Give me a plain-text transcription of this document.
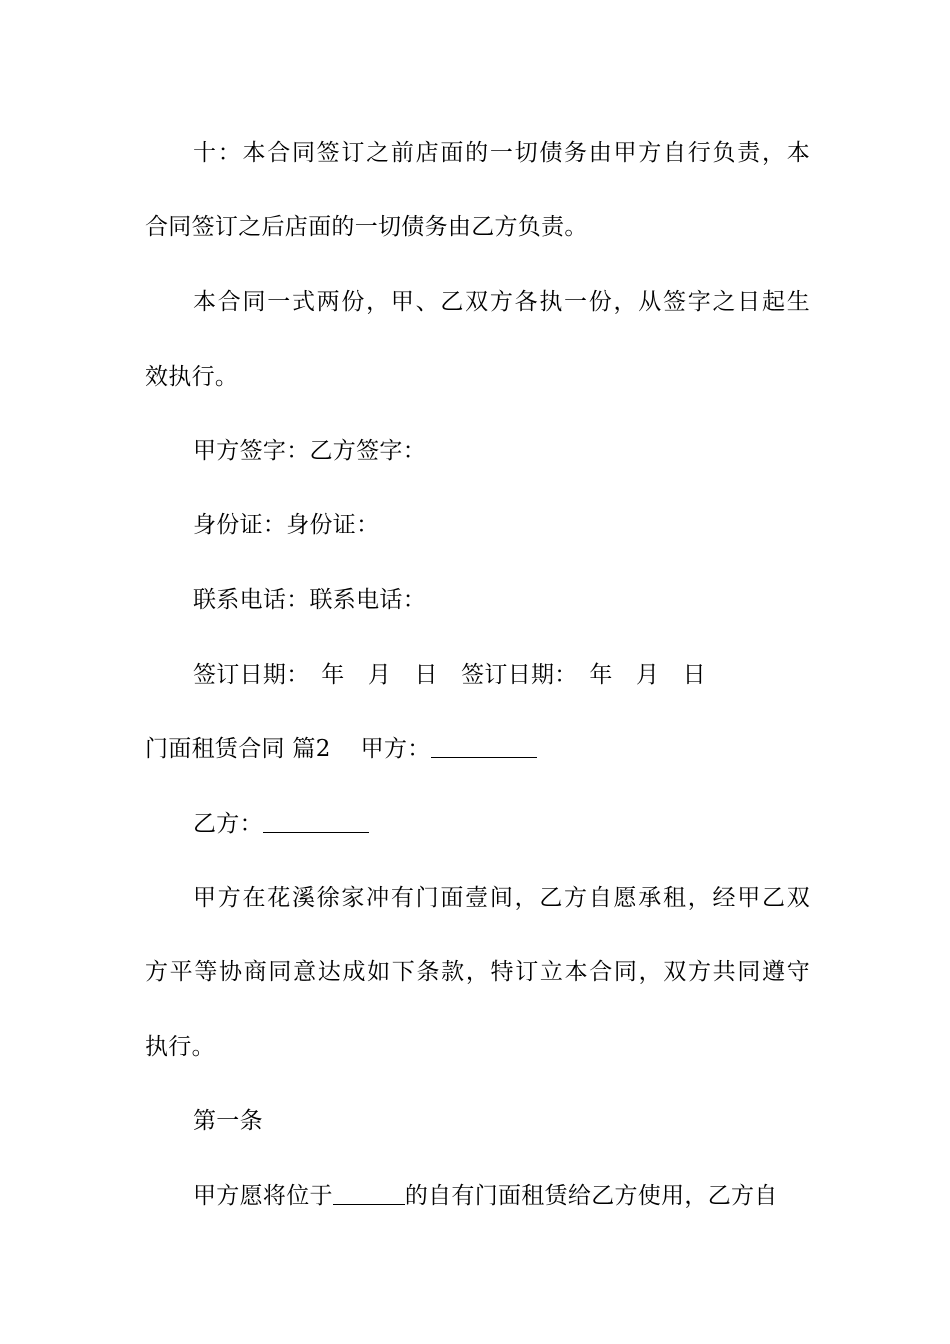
十：本合同签订之前店面的一切债务由甲方自行负责，本
合同签订之后店面的一切债务由乙方负责。
本合同一式两份，甲、乙双方各执一份，从签字之日起生
效执行。
甲方签字：乙方签字：
身份证：身份证：
联系电话：联系电话：
签订日期：　年　月　日　签订日期：　年　月　日
门面租赁合同 篇2 甲方：
乙方：
甲方在花溪徐家冲有门面壹间，乙方自愿承租，经甲乙双
方平等协商同意达成如下条款，特订立本合同，双方共同遵守
执行。
第一条
甲方愿将位于	的自有门面租赁给乙方使用，乙方自
